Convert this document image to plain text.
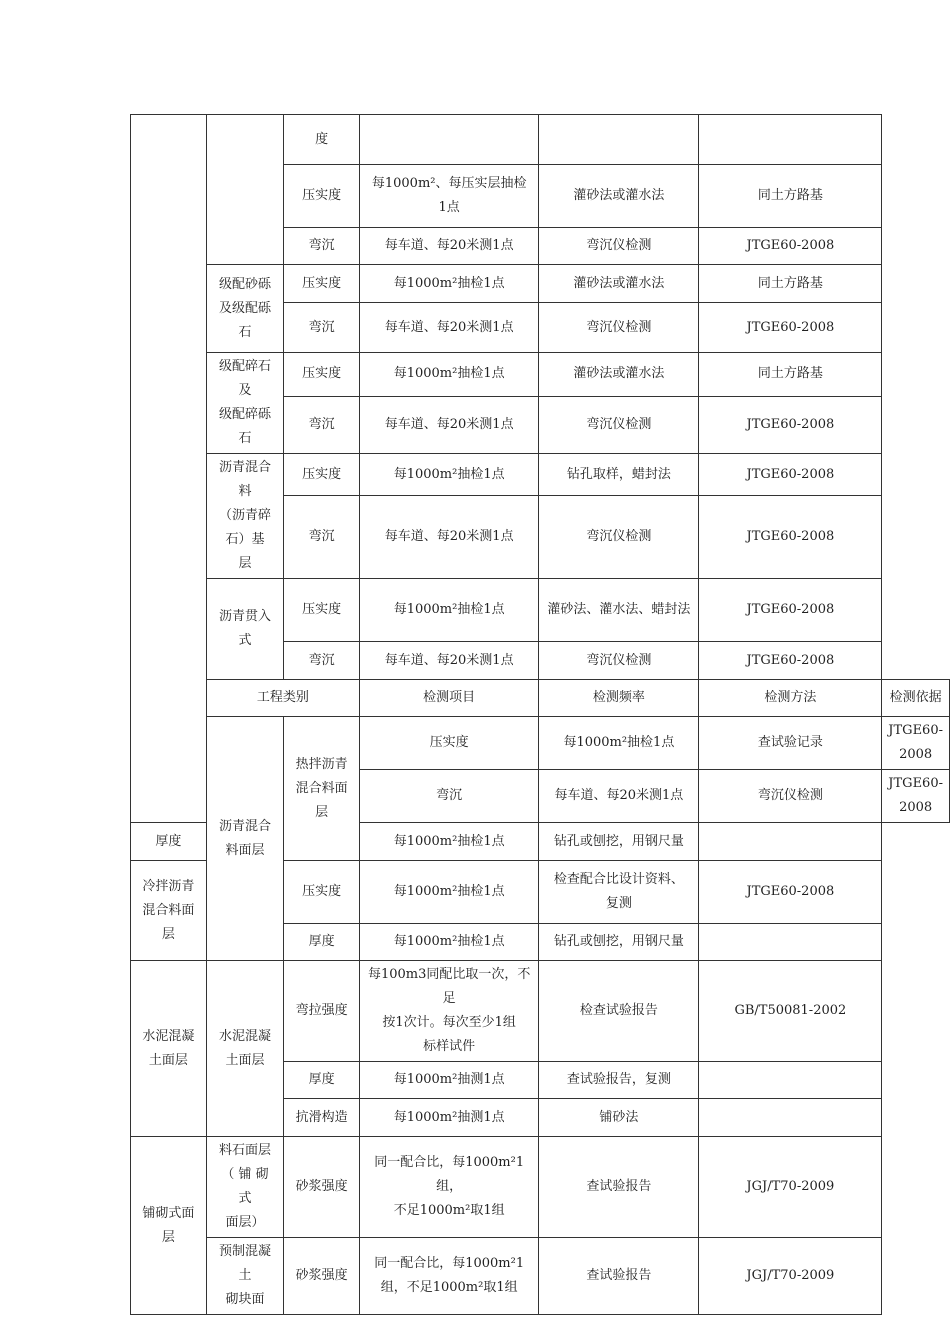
		度				
		压实度	每1000m²、每压实层抽检
1点	灌砂法或灌水法	同土方路基	
		弯沉	每车道、每20米测1点	弯沉仪检测	JTGE60-2008	
	级配砂砾
及级配砾
石	压实度	每1000m²抽检1点	灌砂法或灌水法	同土方路基	
		弯沉	每车道、每20米测1点	弯沉仪检测	JTGE60-2008	
	级配碎石及
级配碎砾石	压实度	每1000m²抽检1点	灌砂法或灌水法	同土方路基	
		弯沉	每车道、每20米测1点	弯沉仪检测	JTGE60-2008	
	沥青混合料
（沥青碎
石）基
层	压实度	每1000m²抽检1点	钻孔取样，蜡封法	JTGE60-2008	
		弯沉	每车道、每20米测1点	弯沉仪检测	JTGE60-2008	
	沥青贯入式	压实度	每1000m²抽检1点	灌砂法、灌水法、蜡封法	JTGE60-2008	
		弯沉	每车道、每20米测1点	弯沉仪检测	JTGE60-2008	
	工程类别		检测项目	检测频率	检测方法	检测依据
	沥青混合
料面层	热拌沥青
混合料面
层	压实度	每1000m²抽检1点	查试验记录	JTGE60-2008
			弯沉	每车道、每20米测1点	弯沉仪检测	JTGE60-2008
厚度			每1000m²抽检1点	钻孔或刨挖，用钢尺量		
冷拌沥青
混合料面
层		压实度	每1000m²抽检1点	检查配合比设计资料、
复测	JTGE60-2008	
		厚度	每1000m²抽检1点	钻孔或刨挖，用钢尺量		
水泥混凝
土面层	水泥混凝
土面层	弯拉强度	每100m3同配比取一次，不足
按1次计。每次至少1组
标样试件	检查试验报告	GB/T50081-2002	
		厚度	每1000m²抽测1点	查试验报告，复测		
		抗滑构造	每1000m²抽测1点	铺砂法		
铺砌式面
层	料石面层
（ 铺 砌
式
面层）	砂浆强度	同一配合比，每1000m²1组，
不足1000m²取1组	查试验报告	JGJ/T70-2009	
	预制混凝土
砌块面	砂浆强度	同一配合比，每1000m²1
组，不足1000m²取1组	查试验报告	JGJ/T70-2009	
